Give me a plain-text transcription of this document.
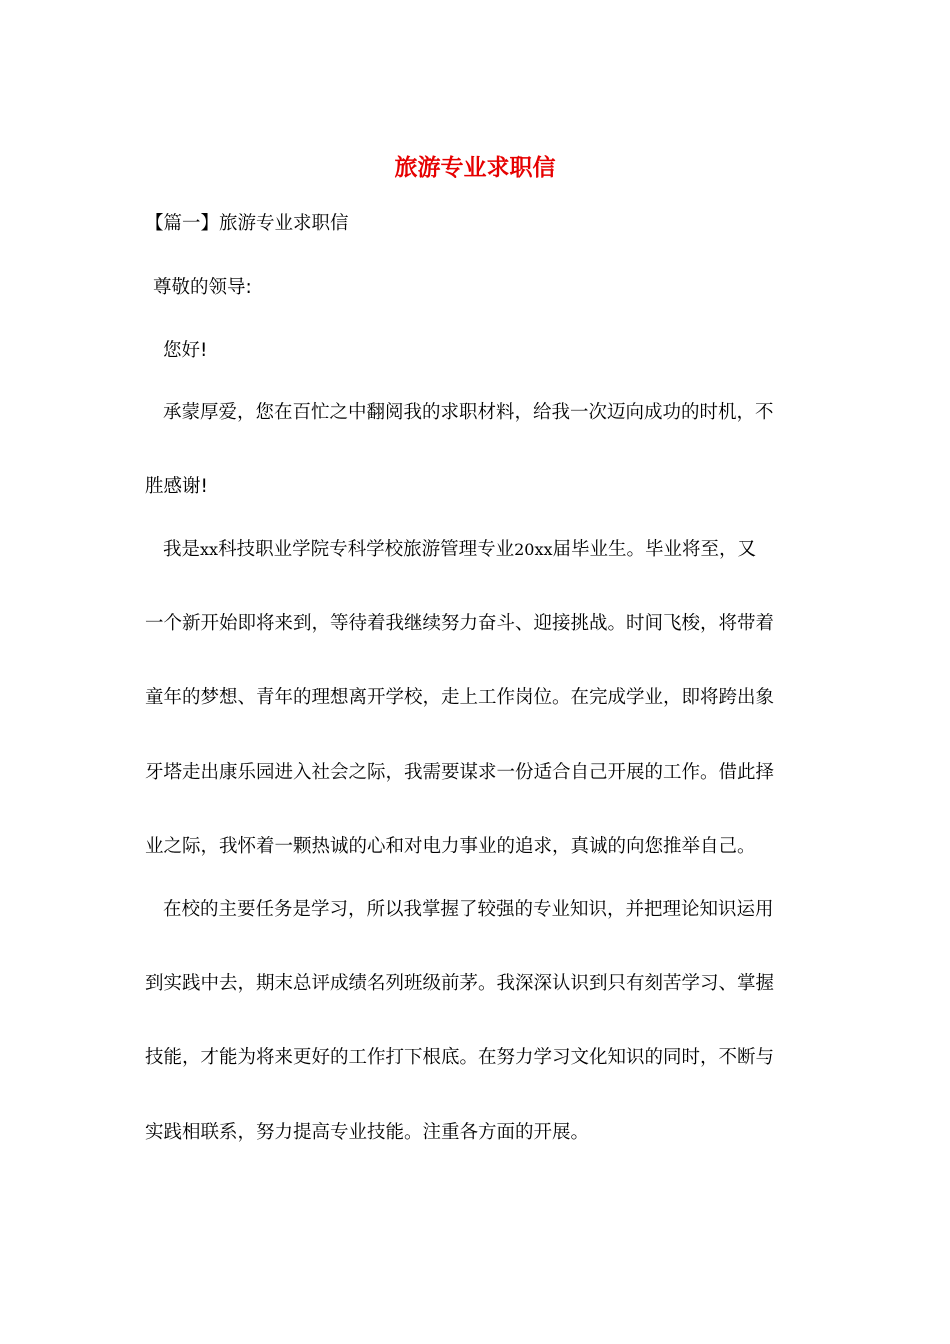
旅游专业求职信
【篇一】旅游专业求职信
尊敬的领导:
您好!
承蒙厚爱，您在百忙之中翻阅我的求职材料，给我一次迈向成功的时机，不
胜感谢!
我是xx科技职业学院专科学校旅游管理专业20xx届毕业生。毕业将至，又
一个新开始即将来到，等待着我继续努力奋斗、迎接挑战。时间飞梭，将带着
童年的梦想、青年的理想离开学校，走上工作岗位。在完成学业，即将跨出象
牙塔走出康乐园进入社会之际，我需要谋求一份适合自己开展的工作。借此择
业之际，我怀着一颗热诚的心和对电力事业的追求，真诚的向您推举自己。
在校的主要任务是学习，所以我掌握了较强的专业知识，并把理论知识运用
到实践中去，期末总评成绩名列班级前茅。我深深认识到只有刻苦学习、掌握
技能，才能为将来更好的工作打下根底。在努力学习文化知识的同时，不断与
实践相联系，努力提高专业技能。注重各方面的开展。
